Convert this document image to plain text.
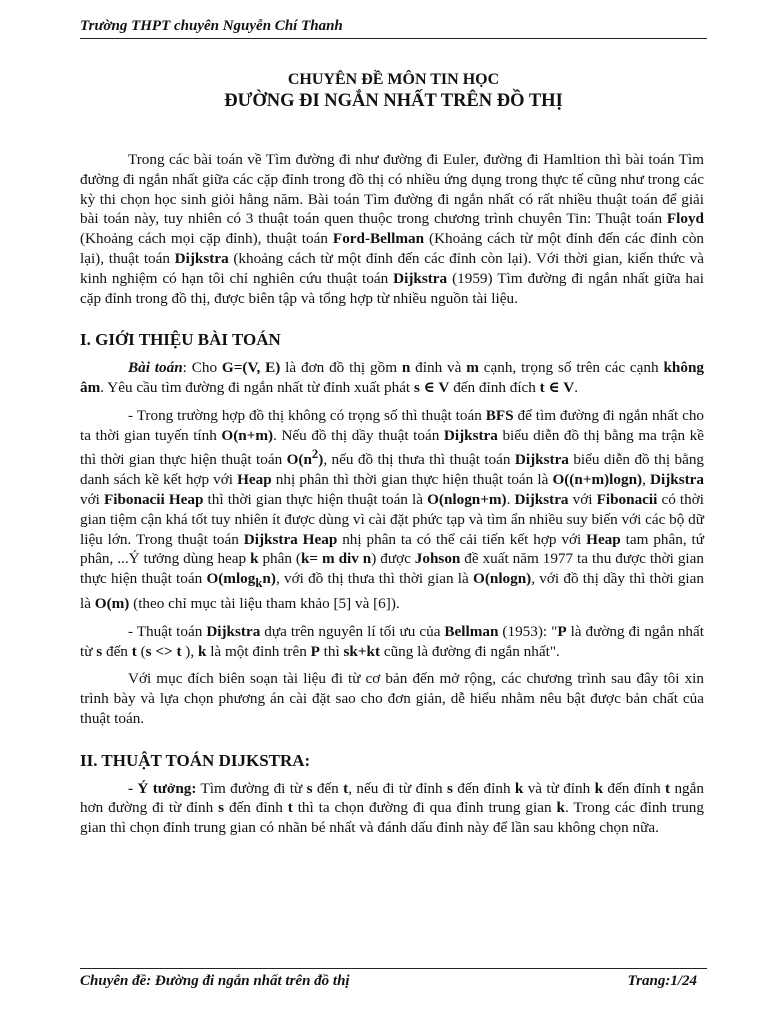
Trường THPT chuyên Nguyễn Chí Thanh
CHUYÊN ĐỀ MÔN TIN HỌC
ĐƯỜNG ĐI NGẮN NHẤT TRÊN ĐỒ THỊ

Trong các bài toán về Tìm đường đi như đường đi Euler, đường đi Hamltion thì bài toán Tìm đường đi ngắn nhất giữa các cặp đỉnh trong đồ thị có nhiều ứng dụng trong thực tế cũng như trong các kỳ thi chọn học sinh giỏi hằng năm. Bài toán Tìm đường đi ngắn nhất có rất nhiều thuật toán để giải bài toán này, tuy nhiên có 3 thuật toán quen thuộc trong chương trình chuyên Tin: Thuật toán Floyd (Khoảng cách mọi cặp đỉnh), thuật toán Ford-Bellman (Khoảng cách từ một đỉnh đến các đỉnh còn lại), thuật toán Dijkstra (khoảng cách từ một đỉnh đến các đỉnh còn lại). Với thời gian, kiến thức và kinh nghiệm có hạn tôi chỉ nghiên cứu thuật toán Dijkstra (1959) Tìm đường đi ngắn nhất giữa hai cặp đỉnh trong đồ thị, được biên tập và tổng hợp từ nhiều nguồn tài liệu.

I. GIỚI THIỆU BÀI TOÁN

Bài toán: Cho G=(V, E) là đơn đồ thị gồm n đỉnh và m cạnh, trọng số trên các cạnh không âm. Yêu cầu tìm đường đi ngắn nhất từ đỉnh xuất phát s ∈ V đến đỉnh đích t ∈ V.

- Trong trường hợp đồ thị không có trọng số thì thuật toán BFS để tìm đường đi ngắn nhất cho ta thời gian tuyến tính O(n+m). Nếu đồ thị dầy thuật toán Dijkstra biểu diễn đồ thị bằng ma trận kề thì thời gian thực hiện thuật toán $O(n^2)$, nếu đồ thị thưa thì thuật toán Dijkstra biểu diễn đồ thị bằng danh sách kề kết hợp với Heap nhị phân thì thời gian thực hiện thuật toán là O((n+m)logn), Dijkstra với Fibonacii Heap thì thời gian thực hiện thuật toán là O(nlogn+m). Dijkstra với Fibonacii có thời gian tiệm cận khá tốt tuy nhiên ít được dùng vì cài đặt phức tạp và tìm ẩn nhiều suy biến với các bộ dữ liệu lớn. Trong thuật toán Dijkstra Heap nhị phân ta có thể cải tiến kết hợp với Heap tam phân, tứ phân, ...Ý tưởng dùng heap k phân (k= m div n) được Johson đề xuất năm 1977 ta thu được thời gian thực hiện thuật toán O(mlog$_k$n), với đồ thị thưa thì thời gian là O(nlogn), với đồ thị dầy thì thời gian là O(m) (theo chỉ mục tài liệu tham khảo [5] và [6]).

- Thuật toán Dijkstra dựa trên nguyên lí tối ưu của Bellman (1953): "P là đường đi ngắn nhất từ s đến t (s <> t ), k là một đỉnh trên P thì sk+kt cũng là đường đi ngắn nhất".

Với mục đích biên soạn tài liệu đi từ cơ bản đến mở rộng, các chương trình sau đây tôi xin trình bày và lựa chọn phương án cài đặt sao cho đơn giản, dễ hiểu nhằm nêu bật được bản chất của thuật toán.

II. THUẬT TOÁN DIJKSTRA:

- Ý tưởng: Tìm đường đi từ s đến t, nếu đi từ đỉnh s đến đỉnh k và từ đỉnh k đến đỉnh t ngắn hơn đường đi từ đỉnh s đến đỉnh t thì ta chọn đường đi qua đỉnh trung gian k. Trong các đỉnh trung gian thì chọn đỉnh trung gian có nhãn bé nhất và đánh dấu đỉnh này để lần sau không chọn nữa.

Chuyên đề: Đường đi ngắn nhất trên đồ thị	Trang:1/24
